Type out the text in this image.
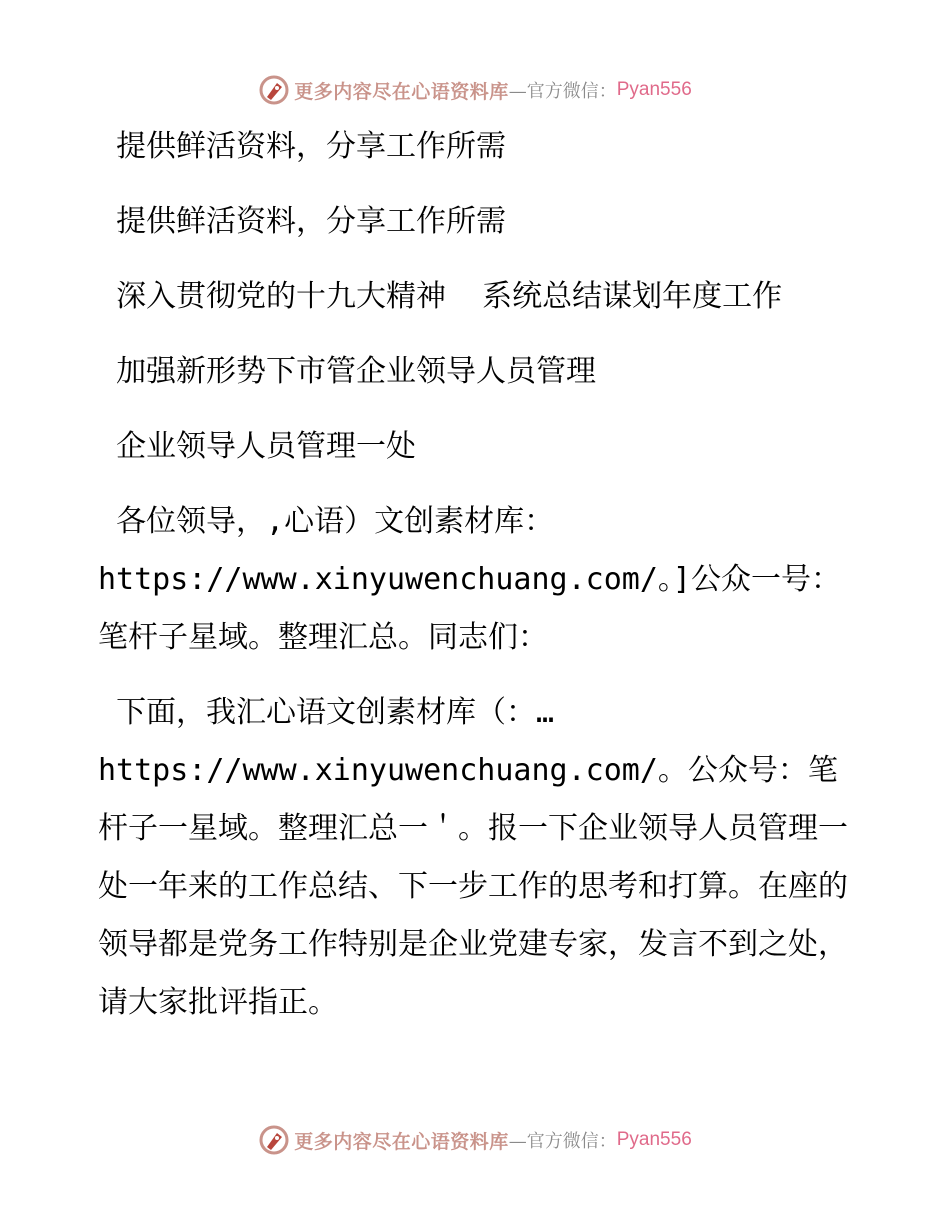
更多内容尽在心语资料库 —官方微信： Pyan556

提供鲜活资料，分享工作所需

提供鲜活资料，分享工作所需

深入贯彻党的十九大精神  系统总结谋划年度工作

加强新形势下市管企业领导人员管理

企业领导人员管理一处

各位领导，,心语）文创素材库：https://www.xinyuwenchuang.com/。]公众一号：笔杆子星域。整理汇总。同志们：

下面，我汇心语文创素材库（：…https://www.xinyuwenchuang.com/。公众号：笔杆子一星域。整理汇总一＇。报一下企业领导人员管理一处一年来的工作总结、下一步工作的思考和打算。在座的领导都是党务工作特别是企业党建专家，发言不到之处，请大家批评指正。

更多内容尽在心语资料库 —官方微信： Pyan556
